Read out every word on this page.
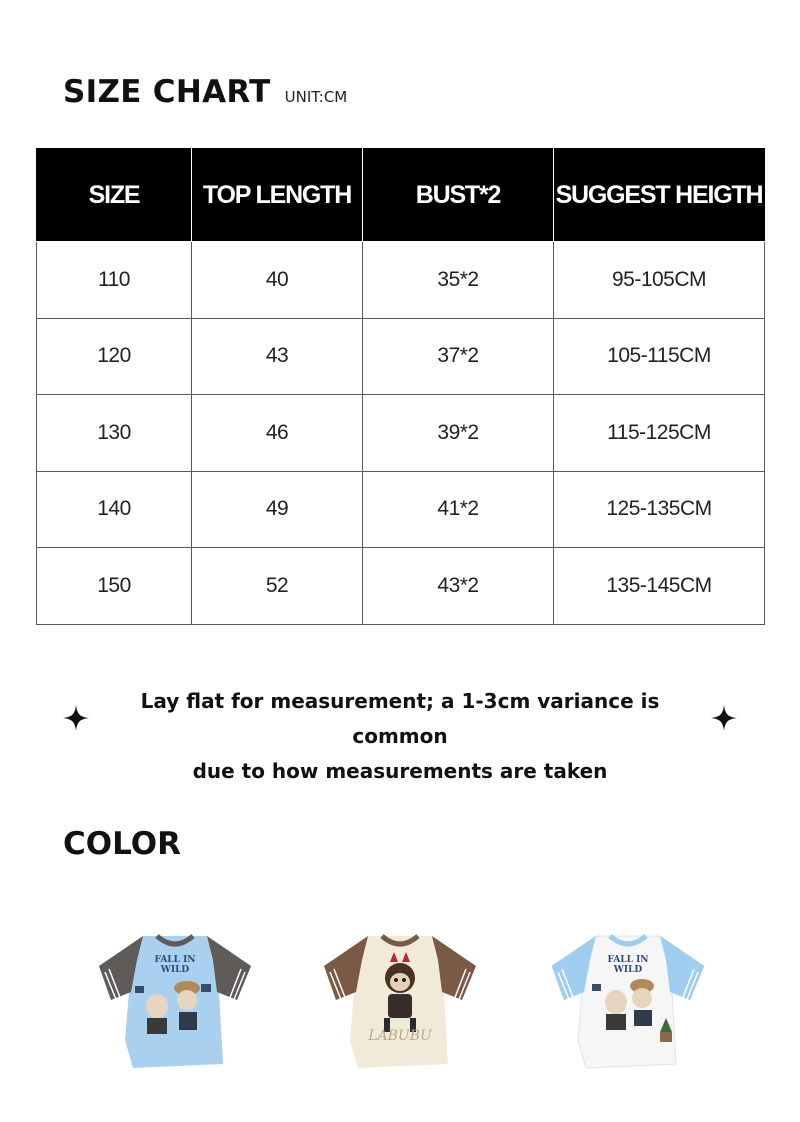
SIZE CHART UNIT:CM
SIZE	TOP LENGTH	BUST*2	SUGGEST HEIGTH
110	40	35*2	95-105CM
120	43	37*2	105-115CM
130	46	39*2	115-125CM
140	49	41*2	125-135CM
150	52	43*2	135-145CM
Lay flat for measurement; a 1-3cm variance is common
due to how measurements are taken
COLOR
FALL IN
WILD
LABUBU
FALL IN
WILD
